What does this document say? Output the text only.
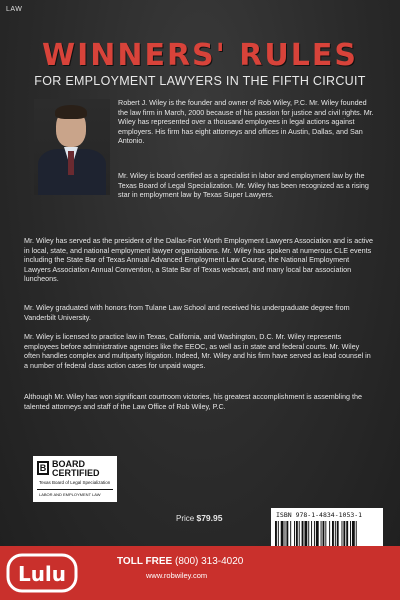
LAW
WINNERS' RULES
FOR EMPLOYMENT LAWYERS IN THE FIFTH CIRCUIT

Robert J. Wiley is the founder and owner of Rob Wiley, P.C. Mr. Wiley founded the law firm in March, 2000 because of his passion for justice and civil rights. Mr. Wiley has represented over a thousand employees in legal actions against employers. His firm has eight attorneys and offices in Austin, Dallas, and San Antonio.

Mr. Wiley is board certified as a specialist in labor and employment law by the Texas Board of Legal Specialization. Mr. Wiley has been recognized as a rising star in employment law by Texas Super Lawyers.

Mr. Wiley has served as the president of the Dallas-Fort Worth Employment Lawyers Association and is active in local, state, and national employment lawyer organizations. Mr. Wiley has spoken at numerous CLE events including the State Bar of Texas Annual Advanced Employment Law Course, the National Employment Lawyers Association Annual Convention, a State Bar of Texas webcast, and many local bar association luncheons.

Mr. Wiley graduated with honors from Tulane Law School and received his undergraduate degree from Vanderbilt University.

Mr. Wiley is licensed to practice law in Texas, California, and Washington, D.C. Mr. Wiley represents employees before administrative agencies like the EEOC, as well as in state and federal courts. Mr. Wiley often handles complex and multiparty litigation. Indeed, Mr. Wiley and his firm have served as lead counsel in a number of federal class action cases for unpaid wages.

Although Mr. Wiley has won significant courtroom victories, his greatest accomplishment is assembling the talented attorneys and staff of the Law Office of Rob Wiley, P.C.

B BOARD
CERTIFIED
Texas Board of Legal Specialization
LABOR AND EMPLOYMENT LAW
Price $79.95	ISBN 978-1-4834-1053-1
Lulu
TOLL FREE (800) 313-4020
www.robwiley.com
